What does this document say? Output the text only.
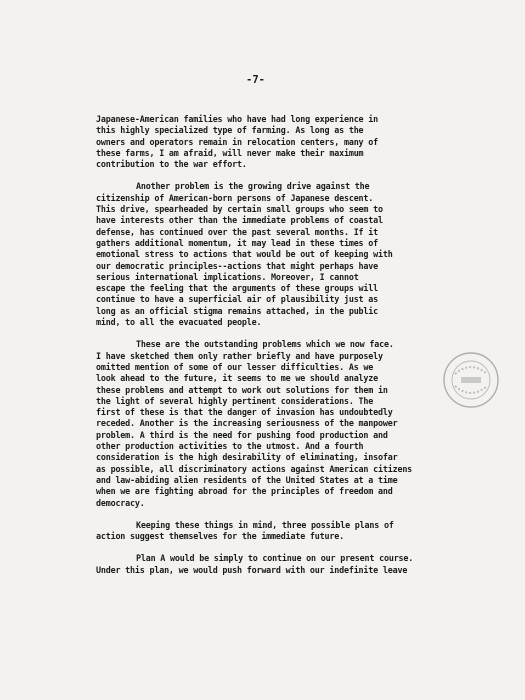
-7-
Japanese-American families who have had long experience in
this highly specialized type of farming. As long as the
owners and operators remain in relocation centers, many of
these farms, I am afraid, will never make their maximum
contribution to the war effort.
Another problem is the growing drive against the
citizenship of American-born persons of Japanese descent.
This drive, spearheaded by certain small groups who seem to
have interests other than the immediate problems of coastal
defense, has continued over the past several months. If it
gathers additional momentum, it may lead in these times of
emotional stress to actions that would be out of keeping with
our democratic principles--actions that might perhaps have
serious international implications. Moreover, I cannot
escape the feeling that the arguments of these groups will
continue to have a superficial air of plausibility just as
long as an official stigma remains attached, in the public
mind, to all the evacuated people.
These are the outstanding problems which we now face.
I have sketched them only rather briefly and have purposely
omitted mention of some of our lesser difficulties. As we
look ahead to the future, it seems to me we should analyze
these problems and attempt to work out solutions for them in
the light of several highly pertinent considerations. The
first of these is that the danger of invasion has undoubtedly
receded. Another is the increasing seriousness of the manpower
problem. A third is the need for pushing food production and
other production activities to the utmost. And a fourth
consideration is the high desirability of eliminating, insofar
as possible, all discriminatory actions against American citizens
and law-abiding alien residents of the United States at a time
when we are fighting abroad for the principles of freedom and
democracy.
Keeping these things in mind, three possible plans of
action suggest themselves for the immediate future.
Plan A would be simply to continue on our present course.
Under this plan, we would push forward with our indefinite leave
